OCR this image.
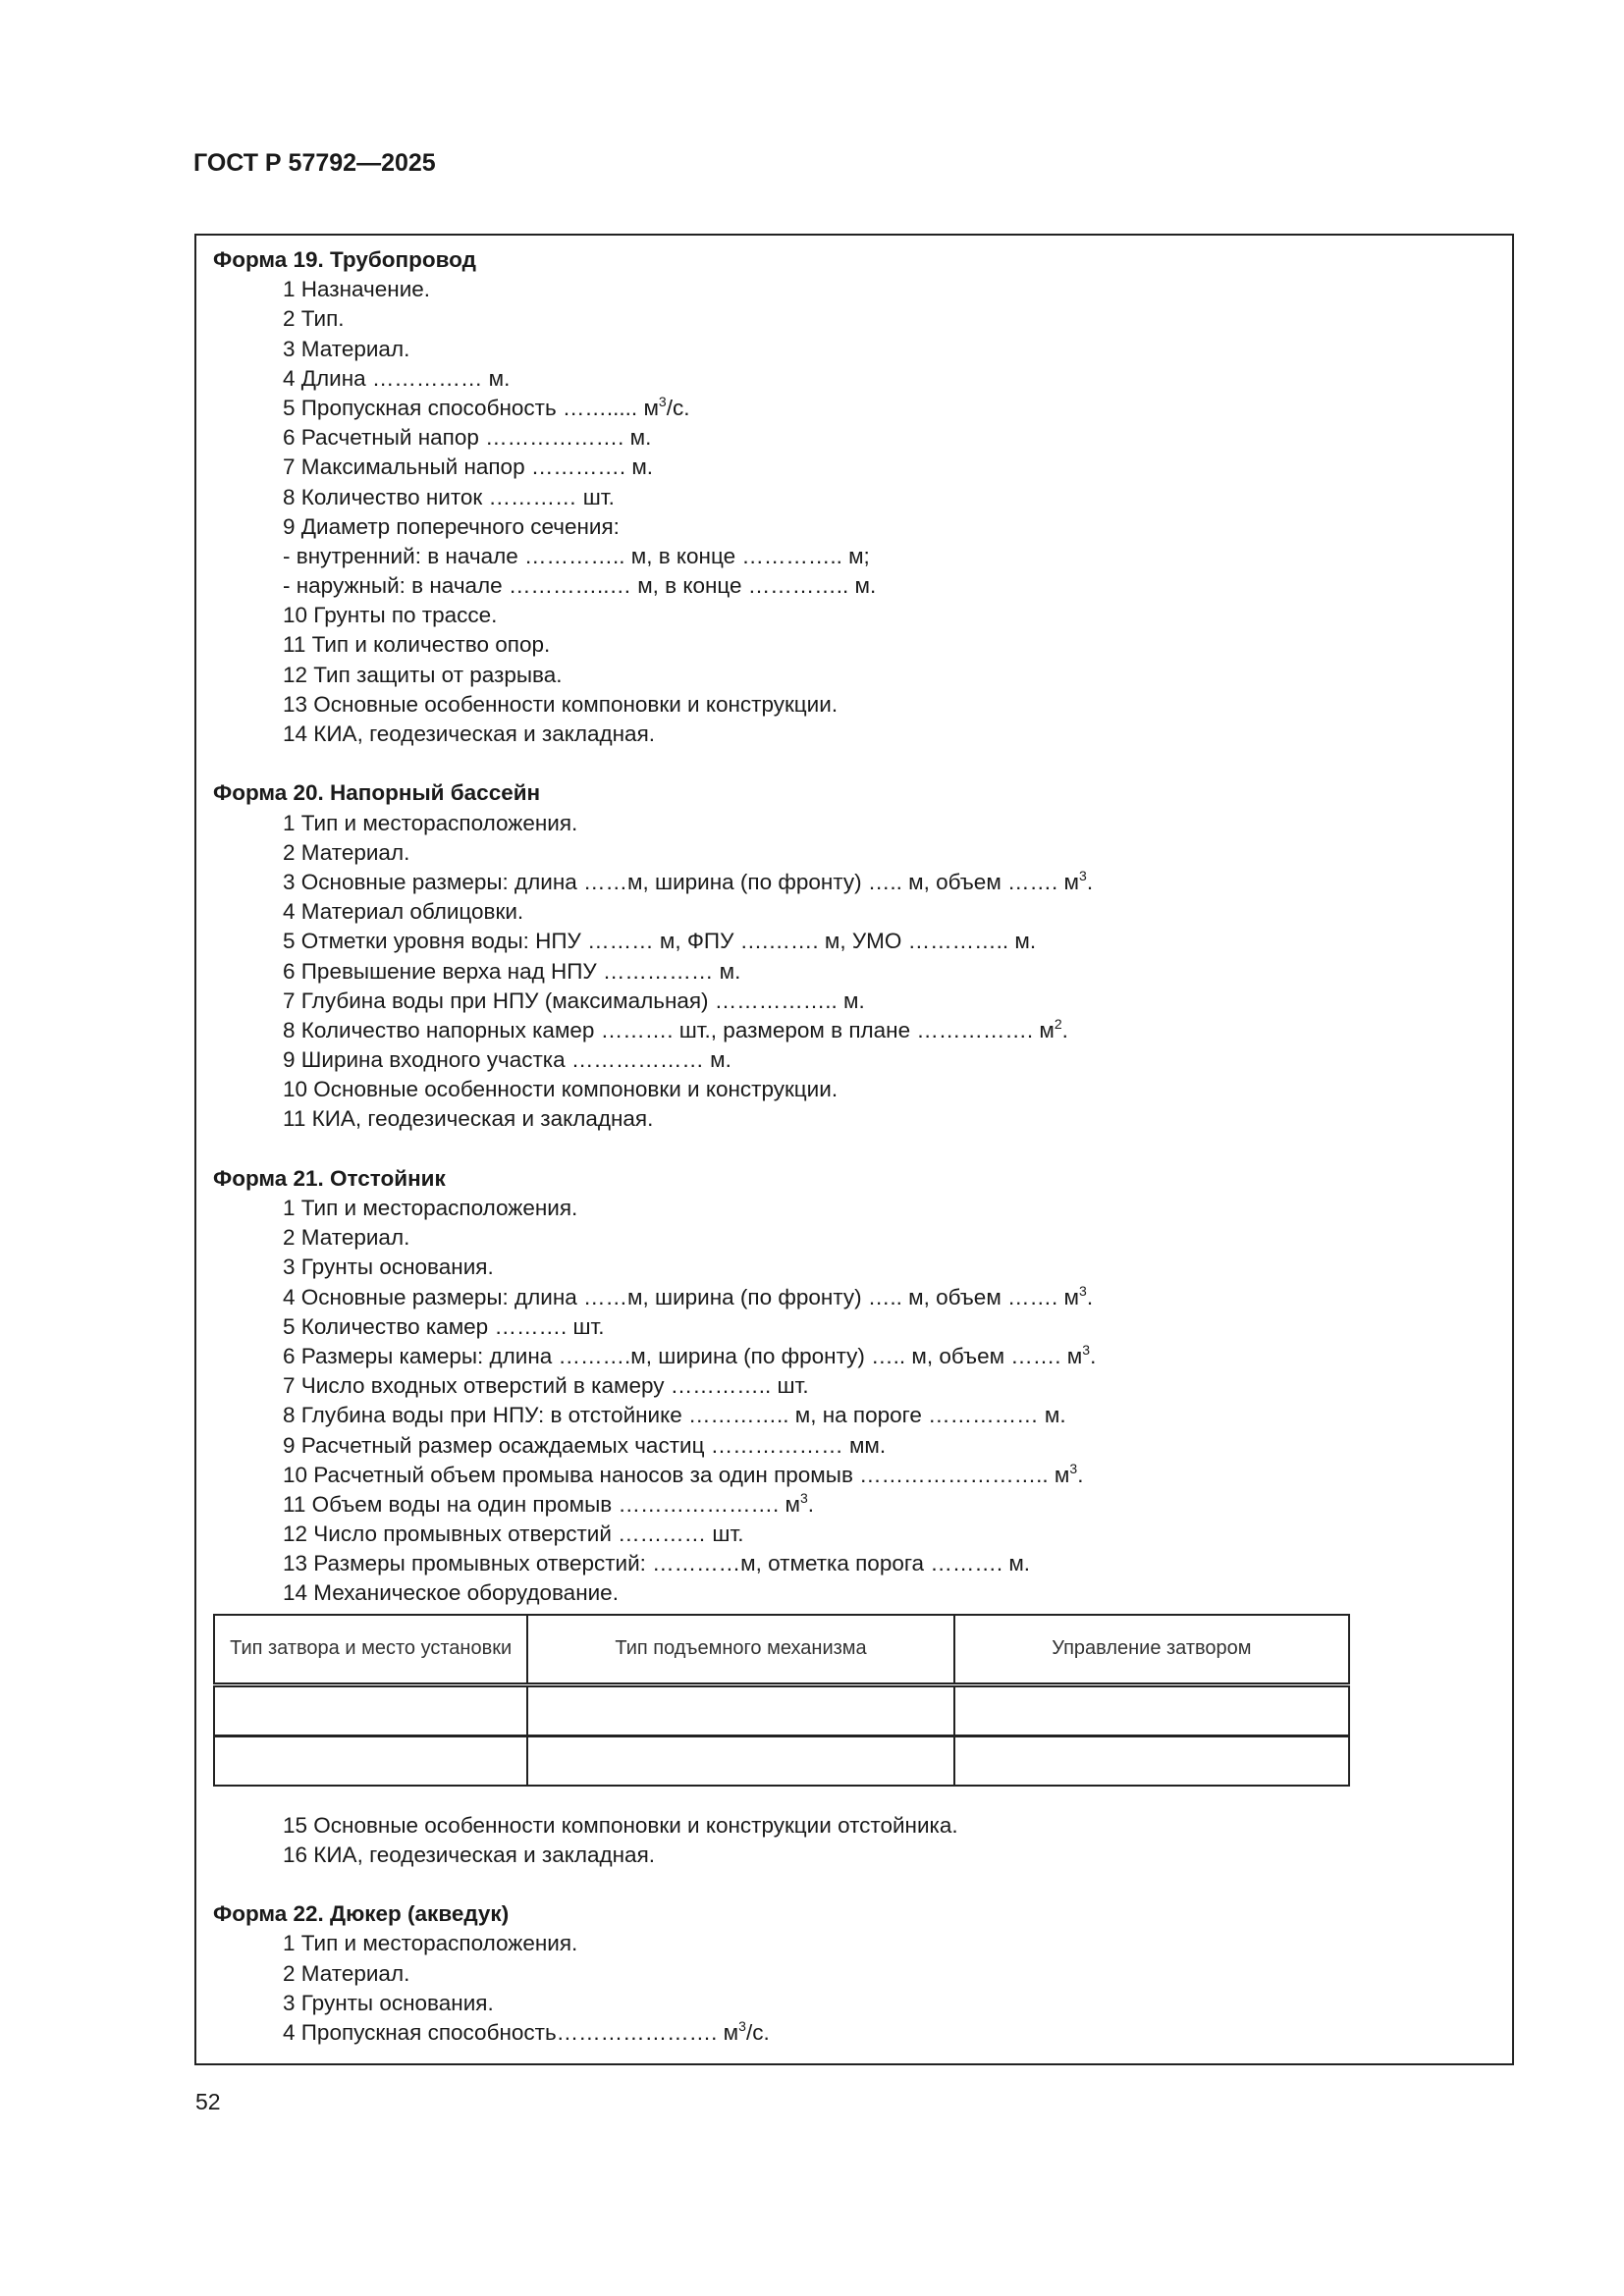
ГОСТ Р 57792—2025
Форма 19. Трубопровод
1 Назначение.
2 Тип.
3 Материал.
4 Длина …………… м.
5 Пропускная способность ……..... $м^3/с$.
6 Расчетный напор ………………. м.
7 Максимальный напор …………. м.
8 Количество ниток ………… шт.
9 Диаметр поперечного сечения:
- внутренний: в начале ………….. м, в конце ………….. м;
- наружный: в начале …………..… м, в конце ………….. м.
10 Грунты по трассе.
11 Тип и количество опор.
12 Тип защиты от разрыва.
13 Основные особенности компоновки и конструкции.
14 КИА, геодезическая и закладная.
Форма 20. Напорный бассейн
1 Тип и месторасположения.
2 Материал.
3 Основные размеры: длина ……м, ширина (по фронту) ….. м, объем ……. $м^3$.
4 Материал облицовки.
5 Отметки уровня воды: НПУ ……… м, ФПУ ….……. м, УМО ………….. м.
6 Превышение верха над НПУ …………… м.
7 Глубина воды при НПУ (максимальная) …………….. м.
8 Количество напорных камер ………. шт., размером в плане ……………. $м^2$.
9 Ширина входного участка ……………… м.
10 Основные особенности компоновки и конструкции.
11 КИА, геодезическая и закладная.
Форма 21. Отстойник
1 Тип и месторасположения.
2 Материал.
3 Грунты основания.
4 Основные размеры: длина ……м, ширина (по фронту) ….. м, объем ……. $м^3$.
5 Количество камер ………. шт.
6 Размеры камеры: длина ……….м, ширина (по фронту) ….. м, объем ……. $м^3$.
7 Число входных отверстий в камеру ………….. шт.
8 Глубина воды при НПУ: в отстойнике ………….. м, на пороге …………… м.
9 Расчетный размер осаждаемых частиц ……………… мм.
10 Расчетный объем промыва наносов за один промыв …………………….. $м^3$.
11 Объем воды на один промыв …………………. $м^3$.
12 Число промывных отверстий ………… шт.
13 Размеры промывных отверстий: …………м, отметка порога ………. м.
14 Механическое оборудование.
Тип затвора и место установки	Тип подъемного механизма	Управление затвором

15 Основные особенности компоновки и конструкции отстойника.
16 КИА, геодезическая и закладная.
Форма 22. Дюкер (акведук)
1 Тип и месторасположения.
2 Материал.
3 Грунты основания.
4 Пропускная способность…………………. $м^3/с$.
52
